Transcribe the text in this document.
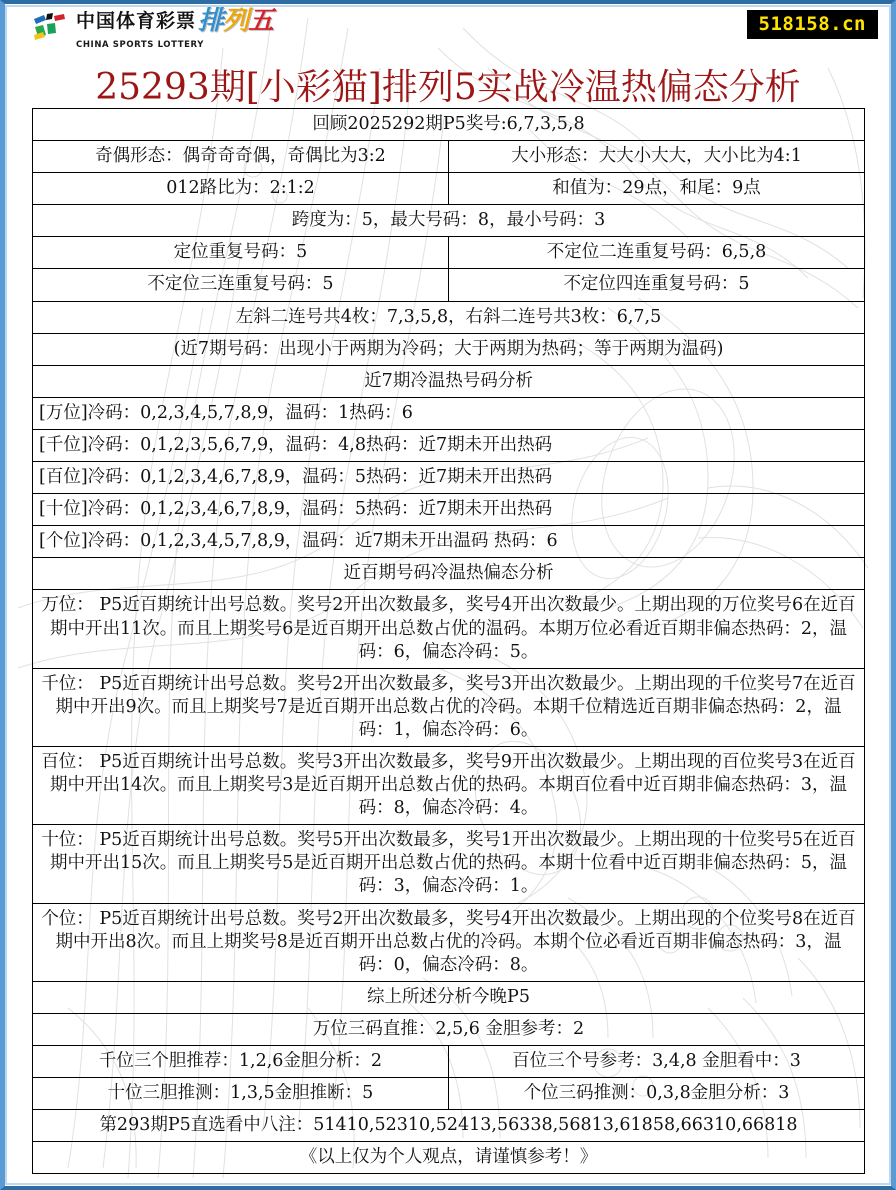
中国体育彩票 排列五
CHINA SPORTS LOTTERY
518158.cn
25293期[小彩猫]排列5实战冷温热偏态分析
回顾2025292期P5奖号:6,7,3,5,8	
奇偶形态：偶奇奇奇偶，奇偶比为3:2	大小形态：大大小大大，大小比为4:1
012路比为：2:1:2	和值为：29点，和尾：9点
跨度为：5，最大号码：8，最小号码：3	
定位重复号码：5	不定位二连重复号码：6,5,8
不定位三连重复号码：5	不定位四连重复号码：5
左斜二连号共4枚：7,3,5,8，右斜二连号共3枚：6,7,5	
(近7期号码：出现小于两期为冷码；大于两期为热码；等于两期为温码)	
近7期冷温热号码分析	
[万位]冷码：0,2,3,4,5,7,8,9，温码：1热码：6	
[千位]冷码：0,1,2,3,5,6,7,9，温码：4,8热码：近7期未开出热码	
[百位]冷码：0,1,2,3,4,6,7,8,9，温码：5热码：近7期未开出热码	
[十位]冷码：0,1,2,3,4,6,7,8,9，温码：5热码：近7期未开出热码	
[个位]冷码：0,1,2,3,4,5,7,8,9，温码：近7期未开出温码 热码：6	
近百期号码冷温热偏态分析	
万位： P5近百期统计出号总数。奖号2开出次数最多，奖号4开出次数最少。上期出现的万位奖号6在近百期中开出11次。而且上期奖号6是近百期开出总数占优的温码。本期万位必看近百期非偏态热码：2，温码：6，偏态冷码：5。	
千位： P5近百期统计出号总数。奖号2开出次数最多，奖号3开出次数最少。上期出现的千位奖号7在近百期中开出9次。而且上期奖号7是近百期开出总数占优的冷码。本期千位精选近百期非偏态热码：2，温码：1，偏态冷码：6。	
百位： P5近百期统计出号总数。奖号3开出次数最多，奖号9开出次数最少。上期出现的百位奖号3在近百期中开出14次。而且上期奖号3是近百期开出总数占优的热码。本期百位看中近百期非偏态热码：3，温码：8，偏态冷码：4。	
十位： P5近百期统计出号总数。奖号5开出次数最多，奖号1开出次数最少。上期出现的十位奖号5在近百期中开出15次。而且上期奖号5是近百期开出总数占优的热码。本期十位看中近百期非偏态热码：5，温码：3，偏态冷码：1。	
个位： P5近百期统计出号总数。奖号2开出次数最多，奖号4开出次数最少。上期出现的个位奖号8在近百期中开出8次。而且上期奖号8是近百期开出总数占优的冷码。本期个位必看近百期非偏态热码：3，温码：0，偏态冷码：8。	
综上所述分析今晚P5	
万位三码直推：2,5,6 金胆参考：2	
千位三个胆推荐：1,2,6金胆分析：2	百位三个号参考：3,4,8 金胆看中：3
十位三胆推测：1,3,5金胆推断：5	个位三码推测：0,3,8金胆分析：3
第293期P5直选看中八注：51410,52310,52413,56338,56813,61858,66310,66818	
《以上仅为个人观点，请谨慎参考！》	
